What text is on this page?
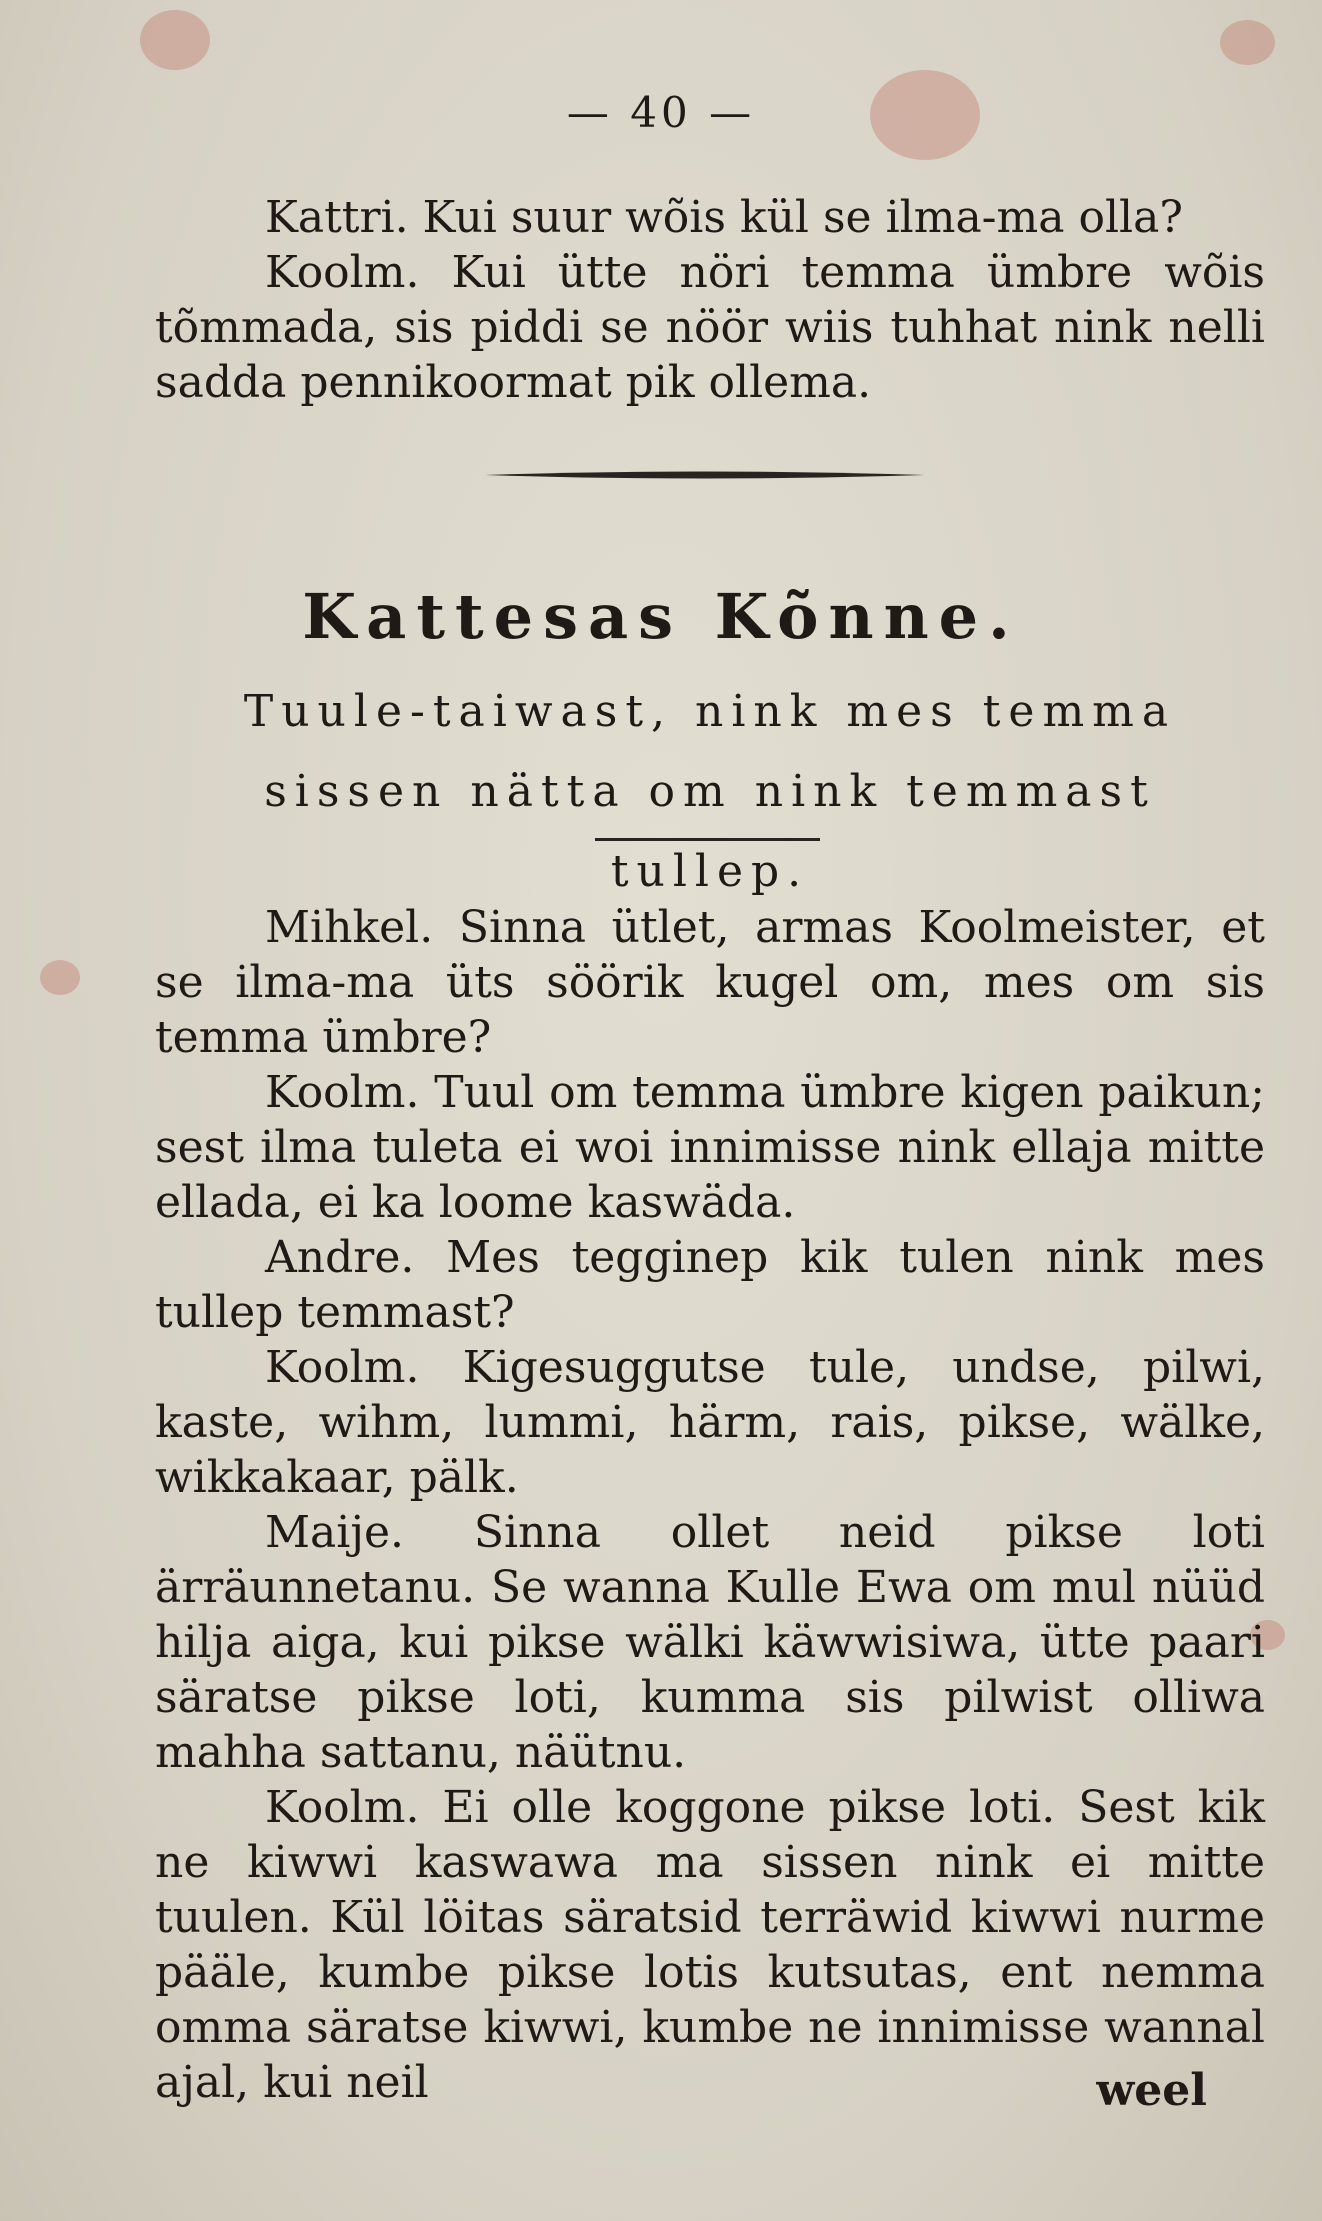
— 40 —

Kattri. Kui suur wõis kül se ilma-ma olla?

Koolm. Kui ütte nöri temma ümbre wõis tõmmada, sis piddi se nöör wiis tuhhat nink nelli sadda pennikoormat pik ollema.

Kattesas Kõnne.
Tuule-taiwast, nink mes temma sissen nätta om nink temmast tullep.

Mihkel. Sinna ütlet, armas Koolmeister, et se ilma-ma üts söörik kugel om, mes om sis temma ümbre?

Koolm. Tuul om temma ümbre kigen paikun; sest ilma tuleta ei woi innimisse nink ellaja mitte ellada, ei ka loome kaswäda.

Andre. Mes tegginep kik tulen nink mes tullep temmast?

Koolm. Kigesuggutse tule, undse, pilwi, kaste, wihm, lummi, härm, rais, pikse, wälke, wikkakaar, pälk.

Maije. Sinna ollet neid pikse loti ärräunnetanu. Se wanna Kulle Ewa om mul nüüd hilja aiga, kui pikse wälki käwwisiwa, ütte paari säratse pikse loti, kumma sis pilwist olliwa mahha sattanu, näütnu.

Koolm. Ei olle koggone pikse loti. Sest kik ne kiwwi kaswawa ma sissen nink ei mitte tuulen. Kül löitas säratsid terräwid kiwwi nurme pääle, kumbe pikse lotis kutsutas, ent nemma omma säratse kiwwi, kumbe ne innimisse wannal ajal, kui neil	weel
